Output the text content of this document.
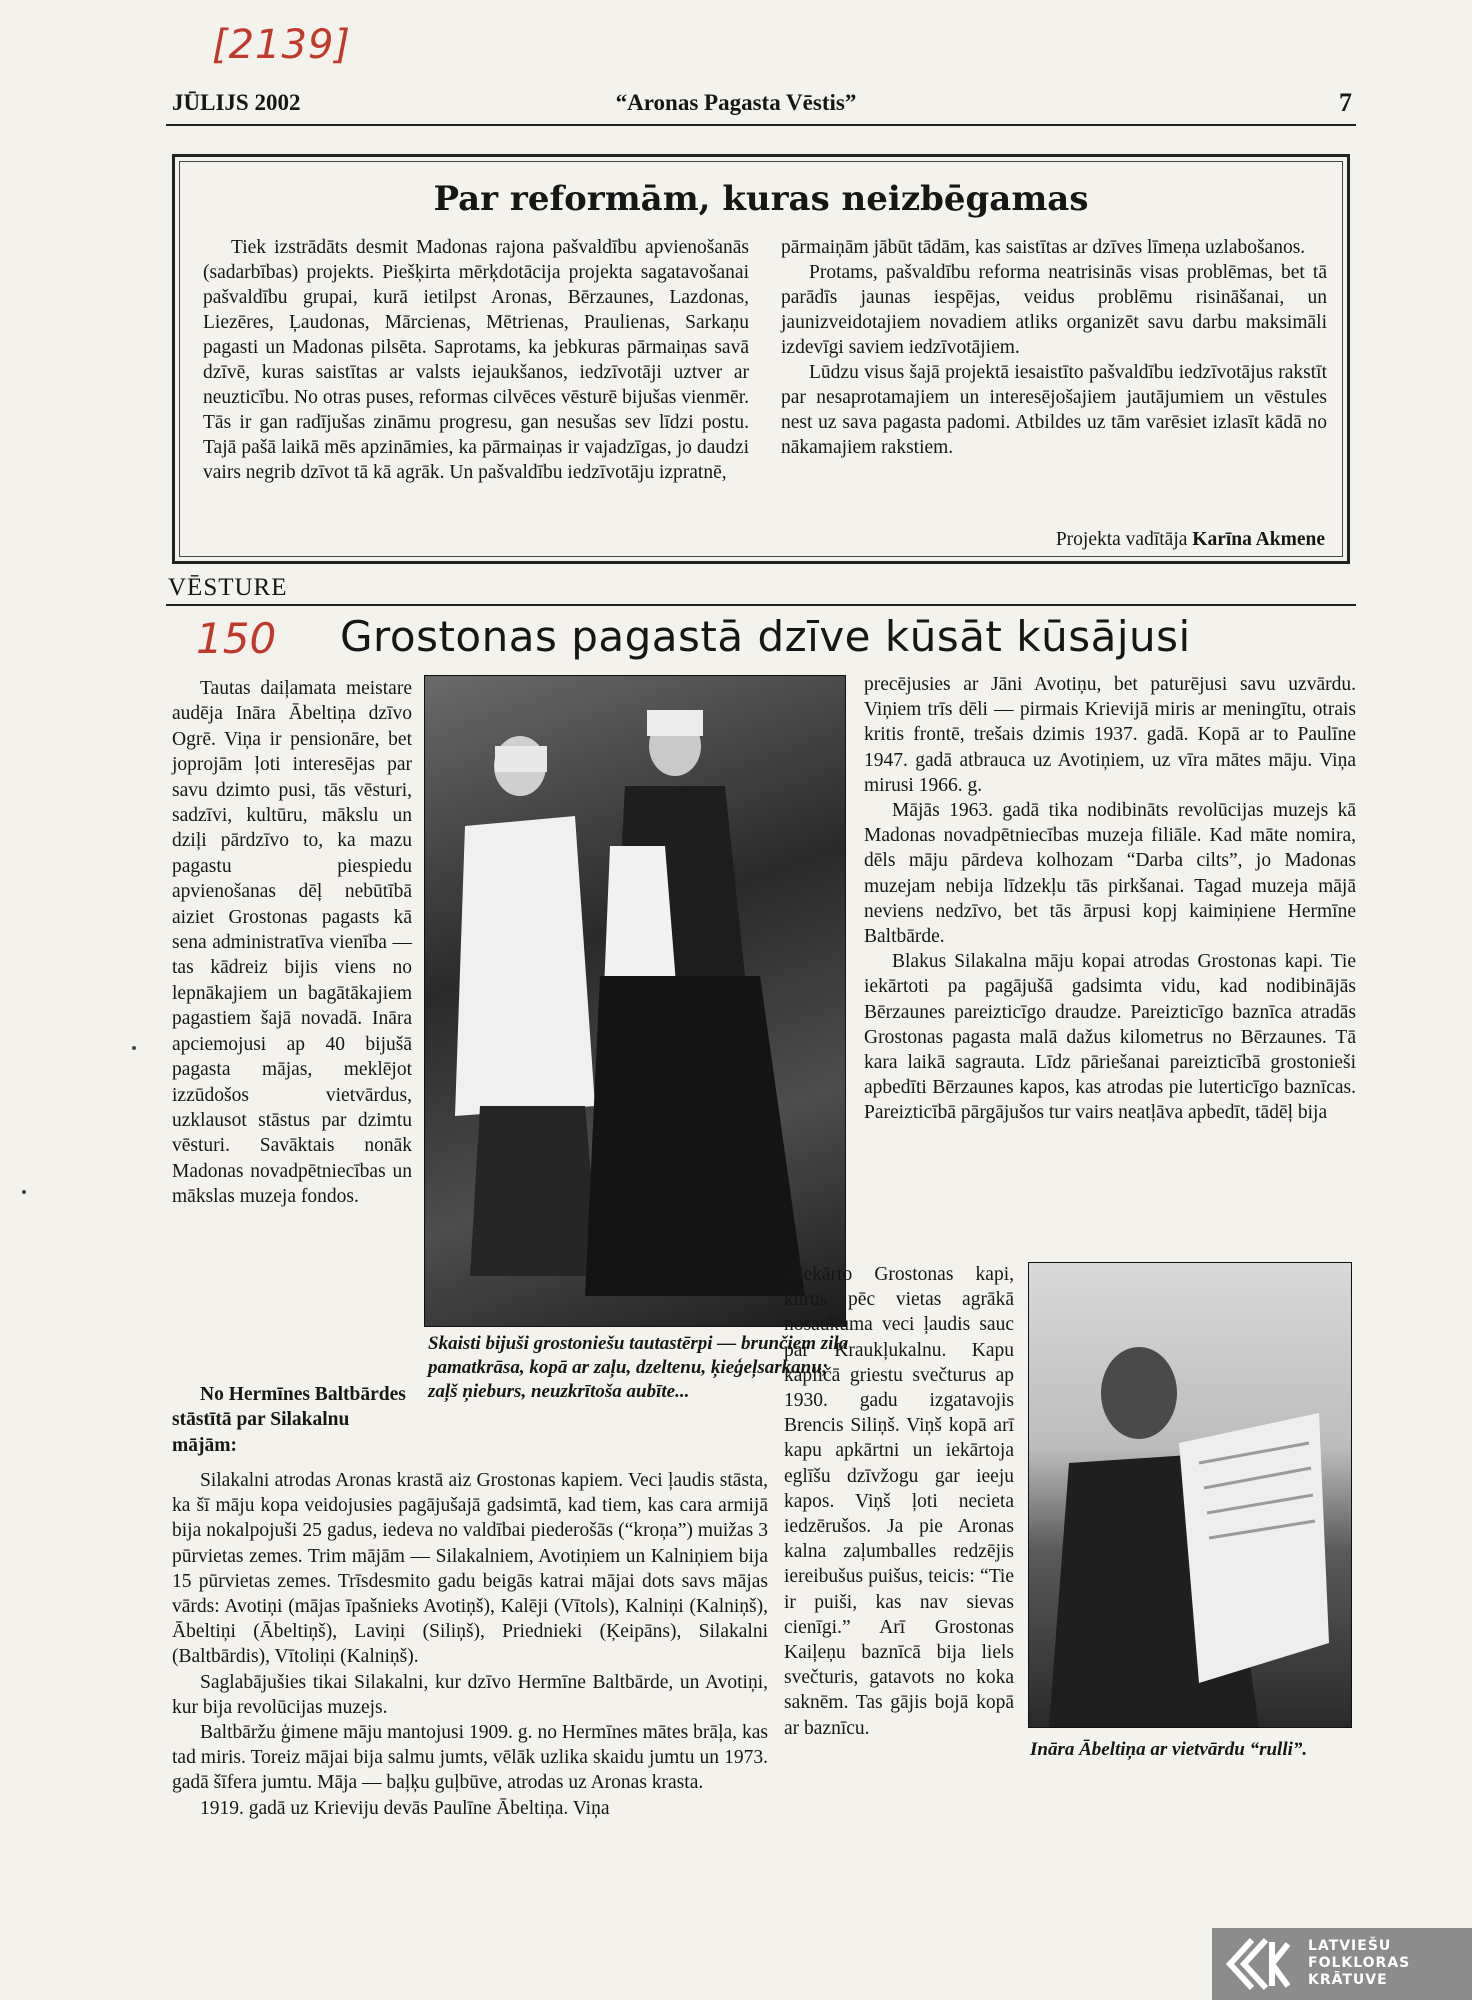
[ 2139 ]
150
JŪLIJS 2002	“Aronas Pagasta Vēstis”	7
Par reformām, kuras neizbēgamas

Tiek izstrādāts desmit Madonas rajona pašvaldību apvienošanās (sadarbības) projekts. Piešķirta mērķdotācija projekta sagatavošanai pašvaldību grupai, kurā ietilpst Aronas, Bērzaunes, Lazdonas, Liezēres, Ļaudonas, Mārcienas, Mētrienas, Praulienas, Sarkaņu pagasti un Madonas pilsēta. Saprotams, ka jebkuras pārmaiņas savā dzīvē, kuras saistītas ar valsts iejaukšanos, iedzīvotāji uztver ar neuzticību. No otras puses, reformas cilvēces vēsturē bijušas vienmēr. Tās ir gan radījušas zināmu progresu, gan nesušas sev līdzi postu. Tajā pašā laikā mēs apzināmies, ka pārmaiņas ir vajadzīgas, jo daudzi vairs negrib dzīvot tā kā agrāk. Un pašvaldību iedzīvotāju izpratnē,

pārmaiņām jābūt tādām, kas saistītas ar dzīves līmeņa uzlabošanos.

Protams, pašvaldību reforma neatrisinās visas problēmas, bet tā parādīs jaunas iespējas, veidus problēmu risināšanai, un jaunizveidotajiem novadiem atliks organizēt savu darbu maksimāli izdevīgi saviem iedzīvotājiem.

Lūdzu visus šajā projektā iesaistīto pašvaldību iedzīvotājus rakstīt par nesaprotamajiem un interesējošajiem jautājumiem un vēstules nest uz sava pagasta padomi. Atbildes uz tām varēsiet izlasīt kādā no nākamajiem rakstiem.

Projekta vadītāja Karīna Akmene
VĒSTURE
Grostonas pagastā dzīve kūsāt kūsājusi

Tautas daiļamata meistare audēja Ināra Ābeltiņa dzīvo Ogrē. Viņa ir pensionāre, bet joprojām ļoti interesējas par savu dzimto pusi, tās vēsturi, sadzīvi, kultūru, mākslu un dziļi pārdzīvo to, ka mazu pagastu piespiedu apvienošanas dēļ nebūtībā aiziet Grostonas pagasts kā sena administratīva vienība — tas kādreiz bijis viens no lepnākajiem un bagātākajiem pagastiem šajā novadā. Ināra apciemojusi ap 40 bijušā pagasta mājas, meklējot izzūdošos vietvārdus, uzklausot stāstus par dzimtu vēsturi. Savāktais nonāk Madonas novadpētniecības un mākslas muzeja fondos.

No Hermīnes Baltbārdes stāstītā par Silakalnu mājām:
Skaisti bijuši grostoniešu tautastērpi — brunčiem zila pamatkrāsa, kopā ar zaļu, dzeltenu, ķieģeļsarkanu; zaļš ņieburs, neuzkrītoša aubīte...

Silakalni atrodas Aronas krastā aiz Grostonas kapiem. Veci ļaudis stāsta, ka šī māju kopa veidojusies pagājušajā gadsimtā, kad tiem, kas cara armijā bija nokalpojuši 25 gadus, iedeva no valdībai piederošās (“kroņa”) muižas 3 pūrvietas zemes. Trim mājām — Silakalniem, Avotiņiem un Kalniņiem bija 15 pūrvietas zemes. Trīsdesmito gadu beigās katrai mājai dots savs mājas vārds: Avotiņi (mājas īpašnieks Avotiņš), Kalēji (Vītols), Kalniņi (Kalniņš), Ābeltiņi (Ābeltiņš), Laviņi (Siliņš), Priednieki (Ķeipāns), Silakalni (Baltbārdis), Vītoliņi (Kalniņš).

Saglabājušies tikai Silakalni, kur dzīvo Hermīne Baltbārde, un Avotiņi, kur bija revolūcijas muzejs.

Baltbāržu ģimene māju mantojusi 1909. g. no Hermīnes mātes brāļa, kas tad miris. Toreiz mājai bija salmu jumts, vēlāk uzlika skaidu jumtu un 1973. gadā šīfera jumtu. Māja — baļķu guļbūve, atrodas uz Aronas krasta.

1919. gadā uz Krieviju devās Paulīne Ābeltiņa. Viņa

precējusies ar Jāni Avotiņu, bet paturējusi savu uzvārdu. Viņiem trīs dēli — pirmais Krievijā miris ar meningītu, otrais kritis frontē, trešais dzimis 1937. gadā. Kopā ar to Paulīne 1947. gadā atbrauca uz Avotiņiem, uz vīra mātes māju. Viņa mirusi 1966. g.

Mājās 1963. gadā tika nodibināts revolūcijas muzejs kā Madonas novadpētniecības muzeja filiāle. Kad māte nomira, dēls māju pārdeva kolhozam “Darba cilts”, jo Madonas muzejam nebija līdzekļu tās pirkšanai. Tagad muzeja mājā neviens nedzīvo, bet tās ārpusi kopj kaimiņiene Hermīne Baltbārde.

Blakus Silakalna māju kopai atrodas Grostonas kapi. Tie iekārtoti pa pagājušā gadsimta vidu, kad nodibinājās Bērzaunes pareizticīgo draudze. Pareizticīgo baznīca atradās Grostonas pagasta malā dažus kilometrus no Bērzaunes. Tā kara laikā sagrauta. Līdz pāriešanai pareizticībā grostonieši apbedīti Bērzaunes kapos, kas atrodas pie luterticīgo baznīcas. Pareizticībā pārgājušos tur vairs neatļāva apbedīt, tādēļ bija

jāiekārto Grostonas kapi, kurus pēc vietas agrākā nosaukuma veci ļaudis sauc par Kraukļukalnu. Kapu kapličā griestu svečturus ap 1930. gadu izgatavojis Brencis Siliņš. Viņš kopā arī kapu apkārtni un iekārtoja eglīšu dzīvžogu gar ieeju kapos. Viņš ļoti necieta iedzērušos. Ja pie Aronas kalna zaļumballes redzējis iereibušus puišus, teicis: “Tie ir puiši, kas nav sievas cienīgi.” Arī Grostonas Kaiļeņu baznīcā bija liels svečturis, gatavots no koka saknēm. Tas gājis bojā kopā ar baznīcu.
Ināra Ābeltiņa ar vietvārdu “rulli”.
LATVIEŠU
FOLKLORAS
KRĀTUVE
